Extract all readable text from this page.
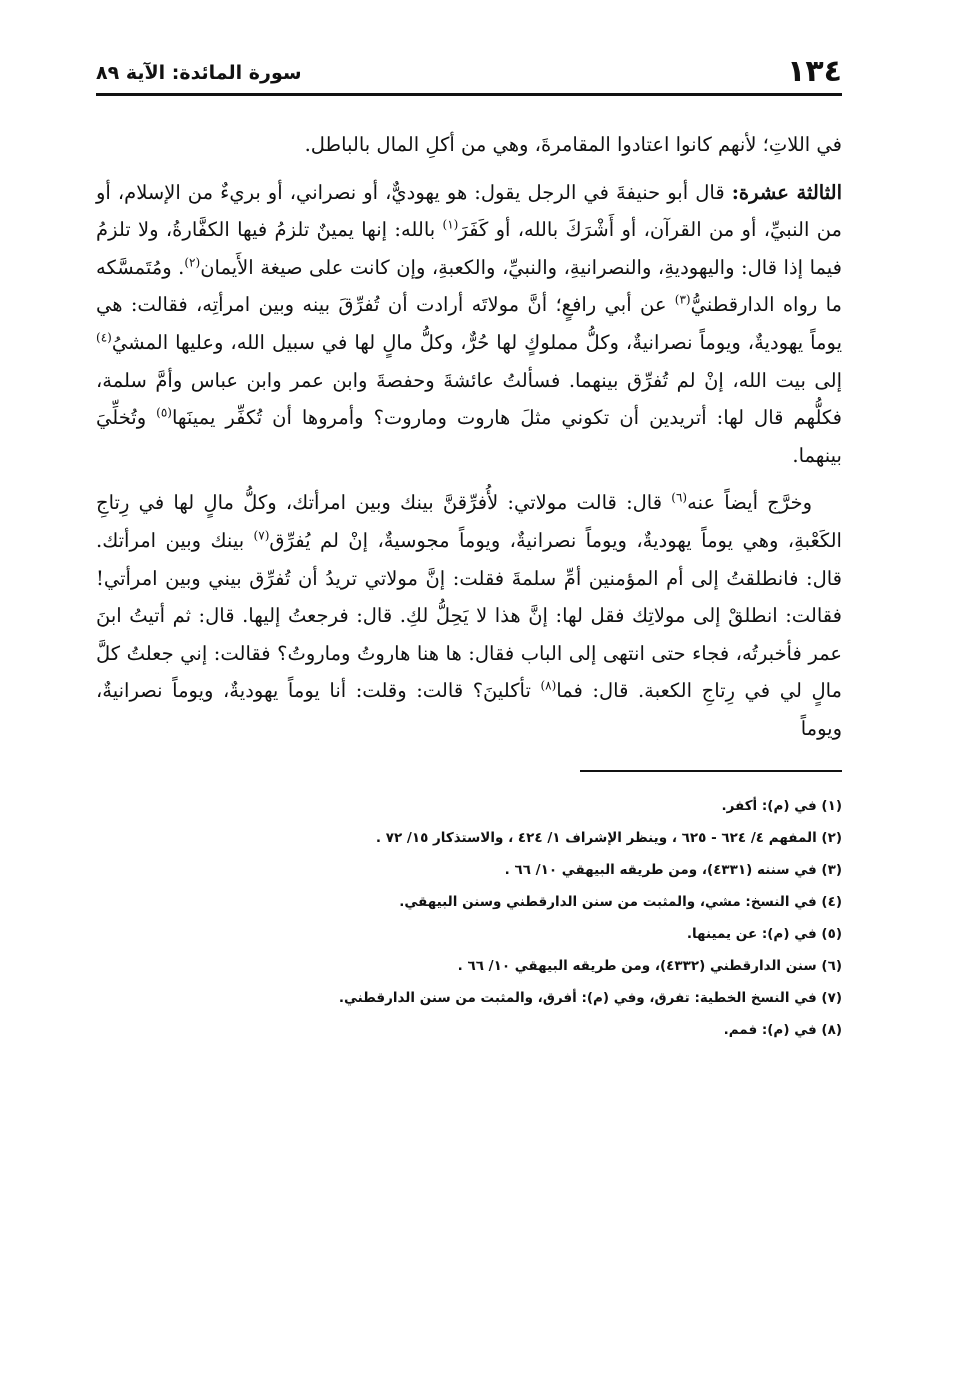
١٣٤
سورة المائدة: الآية ٨٩

في اللاتِ؛ لأنهم كانوا اعتادوا المقامرةَ، وهي من أكلِ المال بالباطل.

الثالثة عشرة: قال أبو حنيفةَ في الرجل يقول: هو يهوديٌّ، أو نصراني، أو بريءٌ من الإسلام، أو من النبيِّ، أو من القرآن، أو أَشْرَكَ بالله، أو كَفَرَ$^{(١)}$ بالله: إنها يمينٌ تلزمُ فيها الكفَّارةُ، ولا تلزمُ فيما إذا قال: واليهوديةِ، والنصرانيةِ، والنبيِّ، والكعبةِ، وإن كانت على صيغة الأَيمان$^{(٢)}$. ومُتَمسَّكه ما رواه الدارقطنيُّ$^{(٣)}$ عن أبي رافعٍ؛ أنَّ مولاتَه أرادت أن تُفرِّقَ بينه وبين امرأتِه، فقالت: هي يوماً يهوديةٌ، ويوماً نصرانيةٌ، وكلُّ مملوكٍ لها حُرٌّ، وكلُّ مالٍ لها في سبيل الله، وعليها المشيُ$^{(٤)}$ إلى بيت الله، إنْ لم تُفرِّق بينهما. فسألتُ عائشةَ وحفصةَ وابن عمر وابن عباس وأمَّ سلمة، فكلُّهم قال لها: أتريدين أن تكوني مثلَ هاروت وماروت؟ وأمروها أن تُكفِّر يمينَها$^{(٥)}$ وتُخلِّيَ بينهما.

وخرَّج أيضاً عنه$^{(٦)}$ قال: قالت مولاتي: لأُفرِّقنَّ بينك وبين امرأتك، وكلُّ مالٍ لها في رِتاجِ الكَعْبةِ، وهي يوماً يهوديةٌ، ويوماً نصرانيةٌ، ويوماً مجوسيةٌ، إنْ لم يُفرِّق$^{(٧)}$ بينك وبين امرأتك. قال: فانطلقتُ إلى أم المؤمنين أمِّ سلمةَ فقلت: إنَّ مولاتي تريدُ أن تُفرِّق بيني وبين امرأتي! فقالت: انطلقْ إلى مولاتِك فقل لها: إنَّ هذا لا يَحِلُّ لكِ. قال: فرجعتُ إليها. قال: ثم أتيتُ ابنَ عمر فأخبرتُه، فجاء حتى انتهى إلى الباب فقال: ها هنا هاروتُ وماروتُ؟ فقالت: إني جعلتُ كلَّ مالٍ لي في رِتاجِ الكعبة. قال: فما$^{(٨)}$ تأكلينَ؟ قالت: وقلت: أنا يوماً يهوديةٌ، ويوماً نصرانيةٌ، ويوماً

(١) في (م): أكفر.
(٢) المفهم ٤/ ٦٢٤ - ٦٢٥ ، وينظر الإشراف ١/ ٤٢٤ ، والاستذكار ١٥/ ٧٢ .
(٣) في سننه (٤٣٣١)، ومن طريقه البيهقي ١٠/ ٦٦ .
(٤) في النسخ: مشي، والمثبت من سنن الدارقطني وسنن البيهقي.
(٥) في (م): عن يمينها.
(٦) سنن الدارقطني (٤٣٣٢)، ومن طريقه البيهقي ١٠/ ٦٦ .
(٧) في النسخ الخطية: تفرق، وفي (م): أفرق، والمثبت من سنن الدارقطني.
(٨) في (م): فمم.
